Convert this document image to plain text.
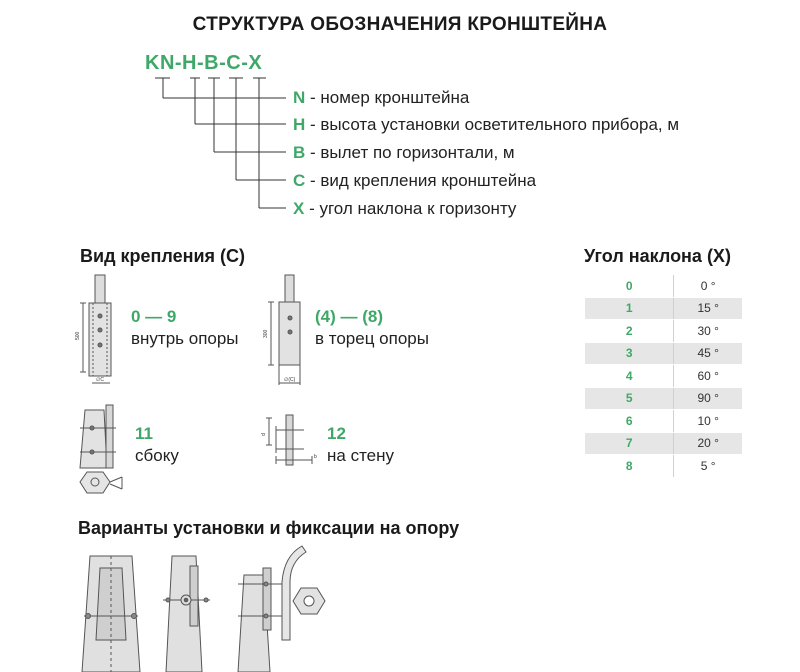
СТРУКТУРА ОБОЗНАЧЕНИЯ КРОНШТЕЙНА
KN-H-B-C-X
N - номер кронштейна
H - высота установки осветительного прибора, м
B - вылет по горизонтали, м
C - вид крепления кронштейна
X - угол наклона к горизонту
Вид крепления (С)	Угол наклона (Х)
500
∅C
300
∅(C)
d
b
0 — 9
внутрь опоры
(4) — (8)
в торец опоры
11
сбоку
12
на стену
0	0 °
1	15 °
2	30 °
3	45 °
4	60 °
5	90 °
6	10 °
7	20 °
8	5 °
Варианты установки и фиксации на опору
